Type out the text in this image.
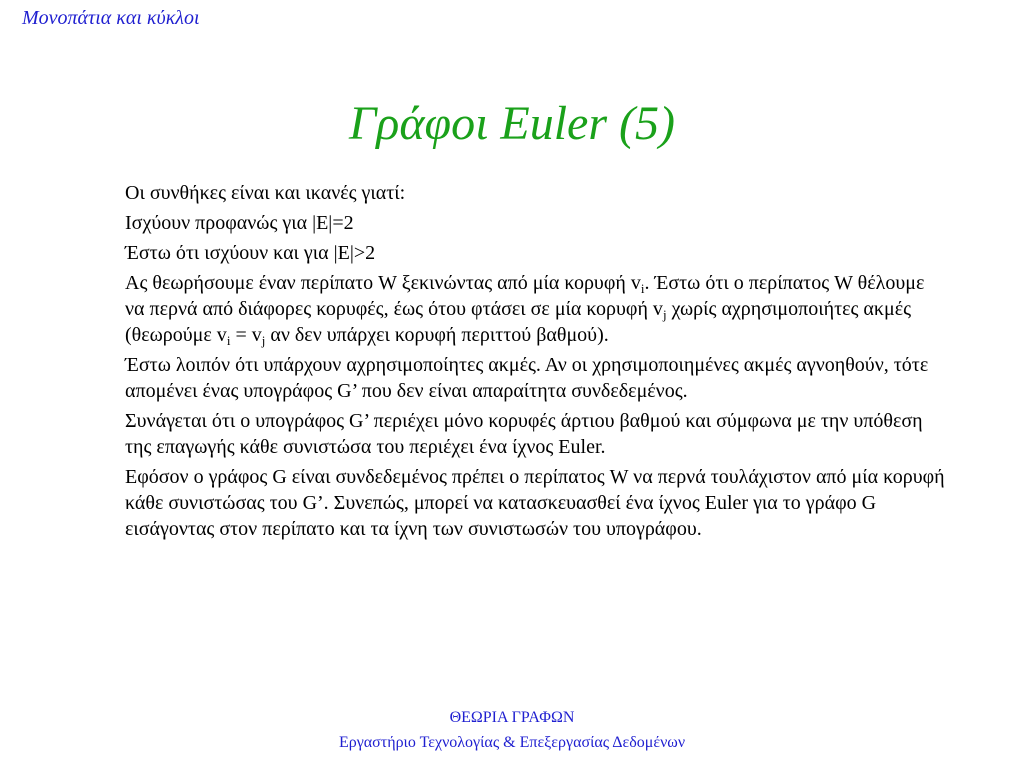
Μονοπάτια και κύκλοι
Γράφοι Euler (5)

Οι συνθήκες είναι και ικανές γιατί:

Ισχύουν προφανώς για |E|=2

Έστω ότι ισχύουν και για |E|>2

Ας θεωρήσουμε έναν περίπατο W ξεκινώντας από μία κορυφή $v_i$. Έστω ότι ο περίπατος W θέλουμε να περνά από διάφορες κορυφές, έως ότου φτάσει σε μία κορυφή $v_j$ χωρίς αχρησιμοποιήτες ακμές (θεωρούμε $v_i = v_j$ αν δεν υπάρχει κορυφή περιττού βαθμού).

Έστω λοιπόν ότι υπάρχουν αχρησιμοποίητες ακμές. Αν οι χρησιμοποιημένες ακμές αγνοηθούν, τότε απομένει ένας υπογράφος G’ που δεν είναι απαραίτητα συνδεδεμένος.

Συνάγεται ότι ο υπογράφος G’ περιέχει μόνο κορυφές άρτιου βαθμού και σύμφωνα με την υπόθεση της επαγωγής κάθε συνιστώσα του περιέχει ένα ίχνος Euler.

Εφόσον ο γράφος G είναι συνδεδεμένος πρέπει ο περίπατος W να περνά τουλάχιστον από μία κορυφή κάθε συνιστώσας του G’. Συνεπώς, μπορεί να κατασκευασθεί ένα ίχνος Euler για το γράφο G εισάγοντας στον περίπατο και τα ίχνη των συνιστωσών του υπογράφου.

ΘΕΩΡΙΑ ΓΡΑΦΩΝ
Εργαστήριο Τεχνολογίας & Επεξεργασίας Δεδομένων
